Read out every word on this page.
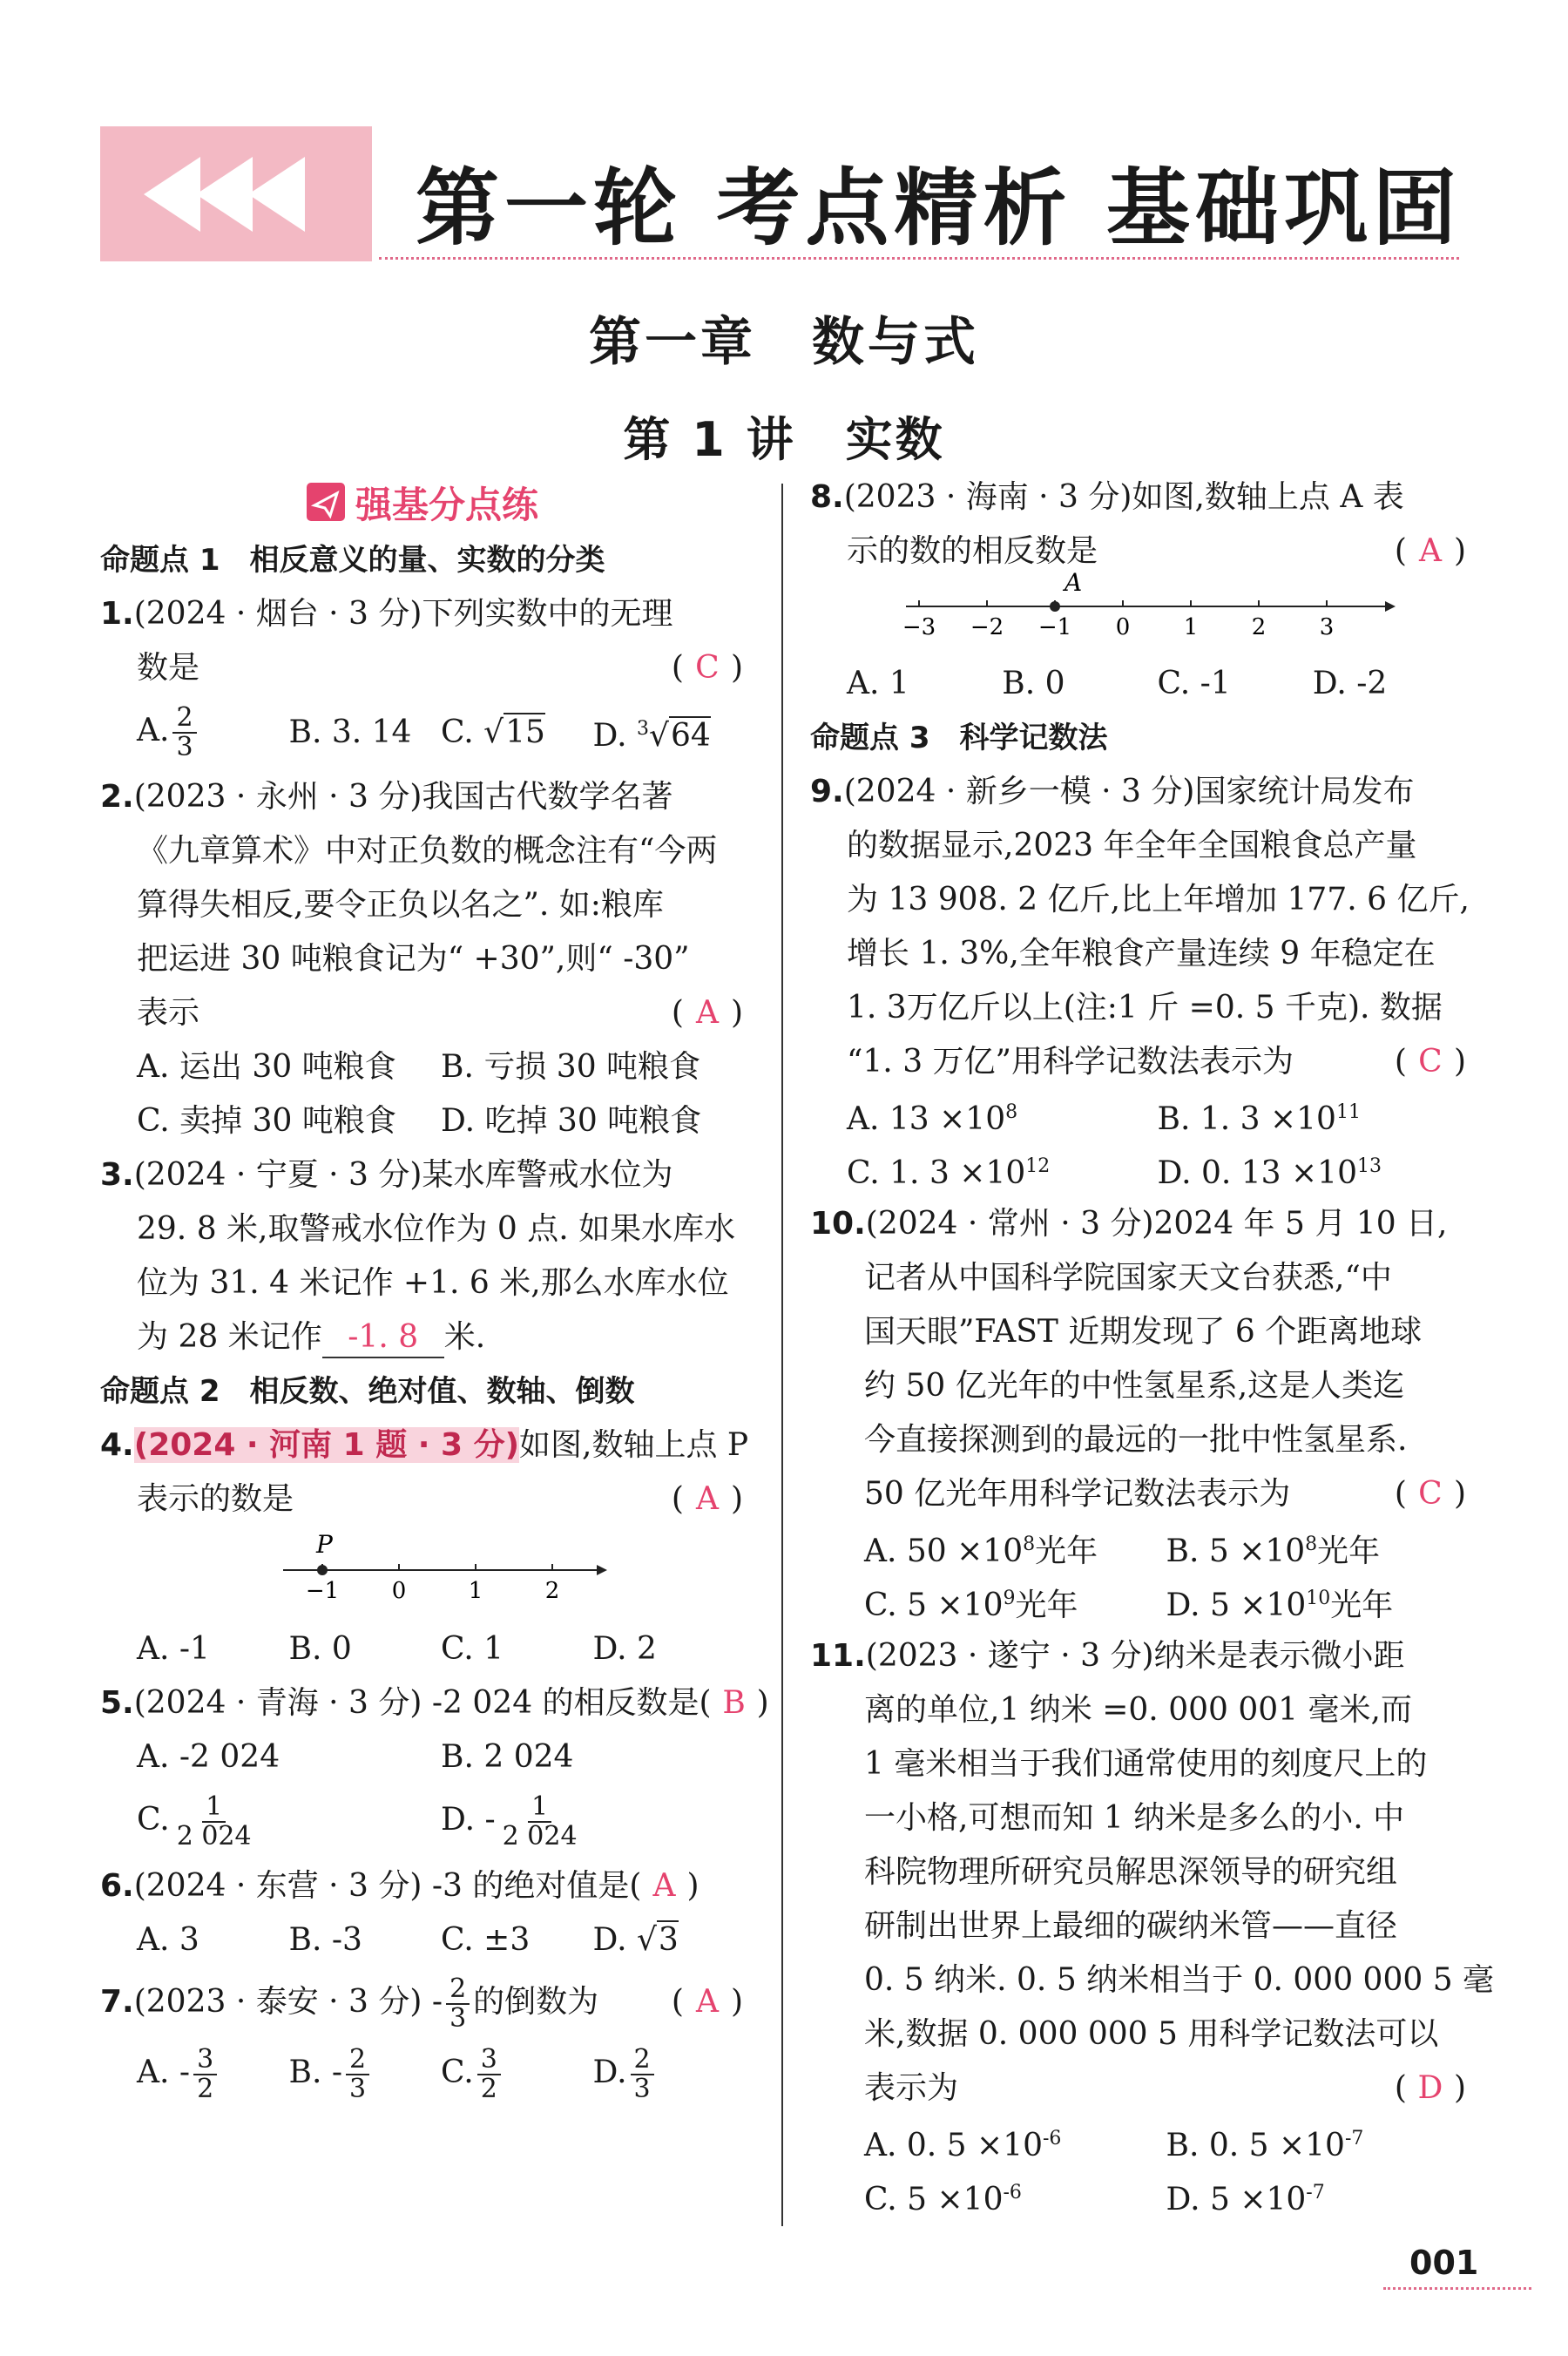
第一轮 考点精析 基础巩固
第一章　数与式
第 1 讲　实数
强基分点练
命题点 1　相反意义的量、实数的分类
1.(2024 · 烟台 · 3 分)下列实数中的无理
数是	( C )
A. $\frac{2}{3}$	B. 3. 14 C. √15	D. $^3$√64
2.(2023 · 永州 · 3 分)我国古代数学名著
《九章算术》中对正负数的概念注有“今两
算得失相反,要令正负以名之”. 如:粮库
把运进 30 吨粮食记为“ +30”,则“ -30”
表示	( A )
A. 运出 30 吨粮食	B. 亏损 30 吨粮食
C. 卖掉 30 吨粮食	D. 吃掉 30 吨粮食
3.(2024 · 宁夏 · 3 分)某水库警戒水位为
29. 8 米,取警戒水位作为 0 点. 如果水库水
位为 31. 4 米记作 +1. 6 米,那么水库水位
为 28 米记作 -1. 8 米.
命题点 2　相反数、绝对值、数轴、倒数
4.(2024 · 河南 1 题 · 3 分)如图,数轴上点 P
表示的数是	( A )
−1 0	1	2
P
A. -1	B. 0	C. 1	D. 2
5.(2024 · 青海 · 3 分) -2 024 的相反数是( B )
A. -2 024	B. 2 024
C. $\frac{1}{2 024}$	D. - $\frac{1}{2 024}$
6.(2024 · 东营 · 3 分) -3 的绝对值是( A )
A. 3	B. -3	C. ±3	D. √3
7.(2023 · 泰安 · 3 分) - $\frac{2}{3}$ 的倒数为 ( A )
A. - $\frac{3}{2} B$. - $\frac{2}{3} C$. $\frac{3}{2}$	D. $\frac{2}{3}$
8.(2023 · 海南 · 3 分)如图,数轴上点 A 表
示的数的相反数是	( A )
−3 −2 −1 0 1 2 3
A
A. 1	B. 0	C. -1	D. -2
命题点 3　科学记数法
9.(2024 · 新乡一模 · 3 分)国家统计局发布
的数据显示,2023 年全年全国粮食总产量
为 13 908. 2 亿斤,比上年增加 177. 6 亿斤,
增长 1. 3%,全年粮食产量连续 9 年稳定在
1. 3万亿斤以上(注:1 斤 =0. 5 千克). 数据
“1. 3 万亿”用科学记数法表示为	( C )
A. $13 \times 10^8$	B. 1. $3 \times 10^{11}$
C. 1. $3 \times 10^{12}$	D. 0. $13 \times 10^{13}$
10.(2024 · 常州 · 3 分)2024 年 5 月 10 日,
记者从中国科学院国家天文台获悉,“中
国天眼”FAST 近期发现了 6 个距离地球
约 50 亿光年的中性氢星系,这是人类迄
今直接探测到的最远的一批中性氢星系.
50 亿光年用科学记数法表示为	( C )
A. $50 \times 10^8$光年	B. $5 \times 10^8$光年
C. $5 \times 10^9$光年	D. $5 \times 10^{10}$光年
11.(2023 · 遂宁 · 3 分)纳米是表示微小距
离的单位,1 纳米 =0. 000 001 毫米,而
1 毫米相当于我们通常使用的刻度尺上的
一小格,可想而知 1 纳米是多么的小. 中
科院物理所研究员解思深领导的研究组
研制出世界上最细的碳纳米管——直径
0. 5 纳米. 0. 5 纳米相当于 0. 000 000 5 毫
米,数据 0. 000 000 5 用科学记数法可以
表示为	( D )
A. 0. $5 \times 10^{-6}$	B. 0. $5 \times 10^{-7}$
C. $5 \times 10^{-6}$	D. $5 \times 10^{-7}$
001
